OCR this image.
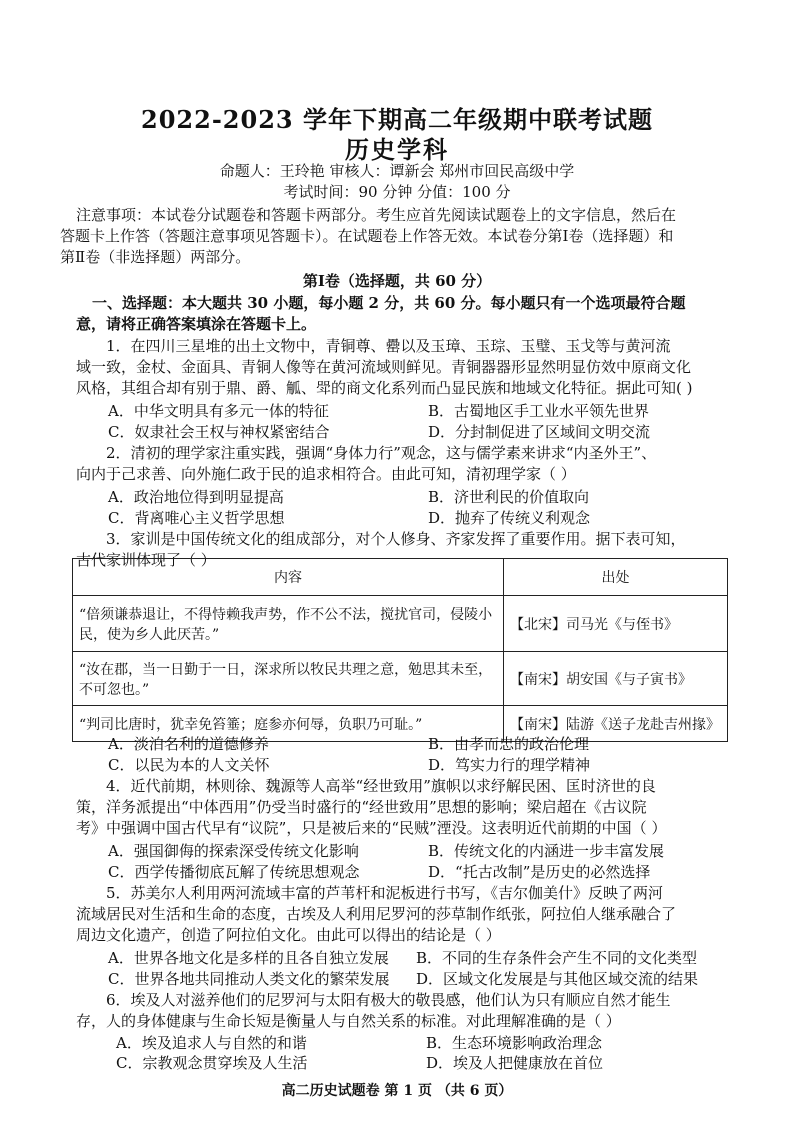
2022-2023 学年下期高二年级期中联考试题
历史学科
命题人：王玲艳 审核人：谭新会 郑州市回民高级中学
考试时间：90 分钟 分值：100 分
注意事项：本试卷分试题卷和答题卡两部分。考生应首先阅读试题卷上的文字信息，然后在
答题卡上作答（答题注意事项见答题卡）。在试题卷上作答无效。本试卷分第Ⅰ卷（选择题）和
第Ⅱ卷（非选择题）两部分。
第Ⅰ卷（选择题，共 60 分）
一、选择题：本大题共 30 小题，每小题 2 分，共 60 分。每小题只有一个选项最符合题
意，请将正确答案填涂在答题卡上。
1．在四川三星堆的出土文物中，青铜尊、罍以及玉璋、玉琮、玉璧、玉戈等与黄河流
域一致，金杖、金面具、青铜人像等在黄河流域则鲜见。青铜器器形显然明显仿效中原商文化
风格，其组合却有别于鼎、爵、觚、斝的商文化系列而凸显民族和地域文化特征。据此可知( )
A．中华文明具有多元一体的特征	B．古蜀地区手工业水平领先世界
C．奴隶社会王权与神权紧密结合	D．分封制促进了区域间文明交流
2．清初的理学家注重实践，强调“身体力行”观念，这与儒学素来讲求“内圣外王”、
向内于己求善、向外施仁政于民的追求相符合。由此可知，清初理学家（ ）
A．政治地位得到明显提高	B．济世利民的价值取向
C．背离唯心主义哲学思想	D．抛弃了传统义利观念
3．家训是中国传统文化的组成部分，对个人修身、齐家发挥了重要作用。据下表可知，
古代家训体现了（ ）
内容	出处
“倍须谦恭退让，不得恃赖我声势，作不公不法，搅扰官司，侵陵小民，使为乡人此厌苦。”	【北宋】司马光《与侄书》
“汝在郡，当一日勤于一日，深求所以牧民共理之意，勉思其未至，不可忽也。”	【南宋】胡安国《与子寅书》
“判司比唐时，犹幸免笞箠；庭参亦何辱，负职乃可耻。”	【南宋】陆游《送子龙赴吉州掾》
A．淡泊名利的道德修养	B．由孝而忠的政治伦理
C．以民为本的人文关怀	D．笃实力行的理学精神
4．近代前期，林则徐、魏源等人高举“经世致用”旗帜以求纾解民困、匡时济世的良
策，洋务派提出“中体西用”仍受当时盛行的“经世致用”思想的影响；梁启超在《古议院
考》中强调中国古代早有“议院”，只是被后来的“民贼”湮没。这表明近代前期的中国（ ）
A．强国御侮的探索深受传统文化影响	B．传统文化的内涵进一步丰富发展
C．西学传播彻底瓦解了传统思想观念	D．“托古改制”是历史的必然选择
5．苏美尔人利用两河流域丰富的芦苇杆和泥板进行书写，《吉尔伽美什》反映了两河
流域居民对生活和生命的态度，古埃及人利用尼罗河的莎草制作纸张，阿拉伯人继承融合了
周边文化遗产，创造了阿拉伯文化。由此可以得出的结论是（ ）
A．世界各地文化是多样的且各自独立发展 B．不同的生存条件会产生不同的文化类型
C．世界各地共同推动人类文化的繁荣发展 D．区域文化发展是与其他区域交流的结果
6．埃及人对滋养他们的尼罗河与太阳有极大的敬畏感，他们认为只有顺应自然才能生
存，人的身体健康与生命长短是衡量人与自然关系的标准。对此理解准确的是（ ）
A．埃及追求人与自然的和谐	B．生态环境影响政治理念
C．宗教观念贯穿埃及人生活	D．埃及人把健康放在首位
高二历史试题卷 第 1 页 （共 6 页）
